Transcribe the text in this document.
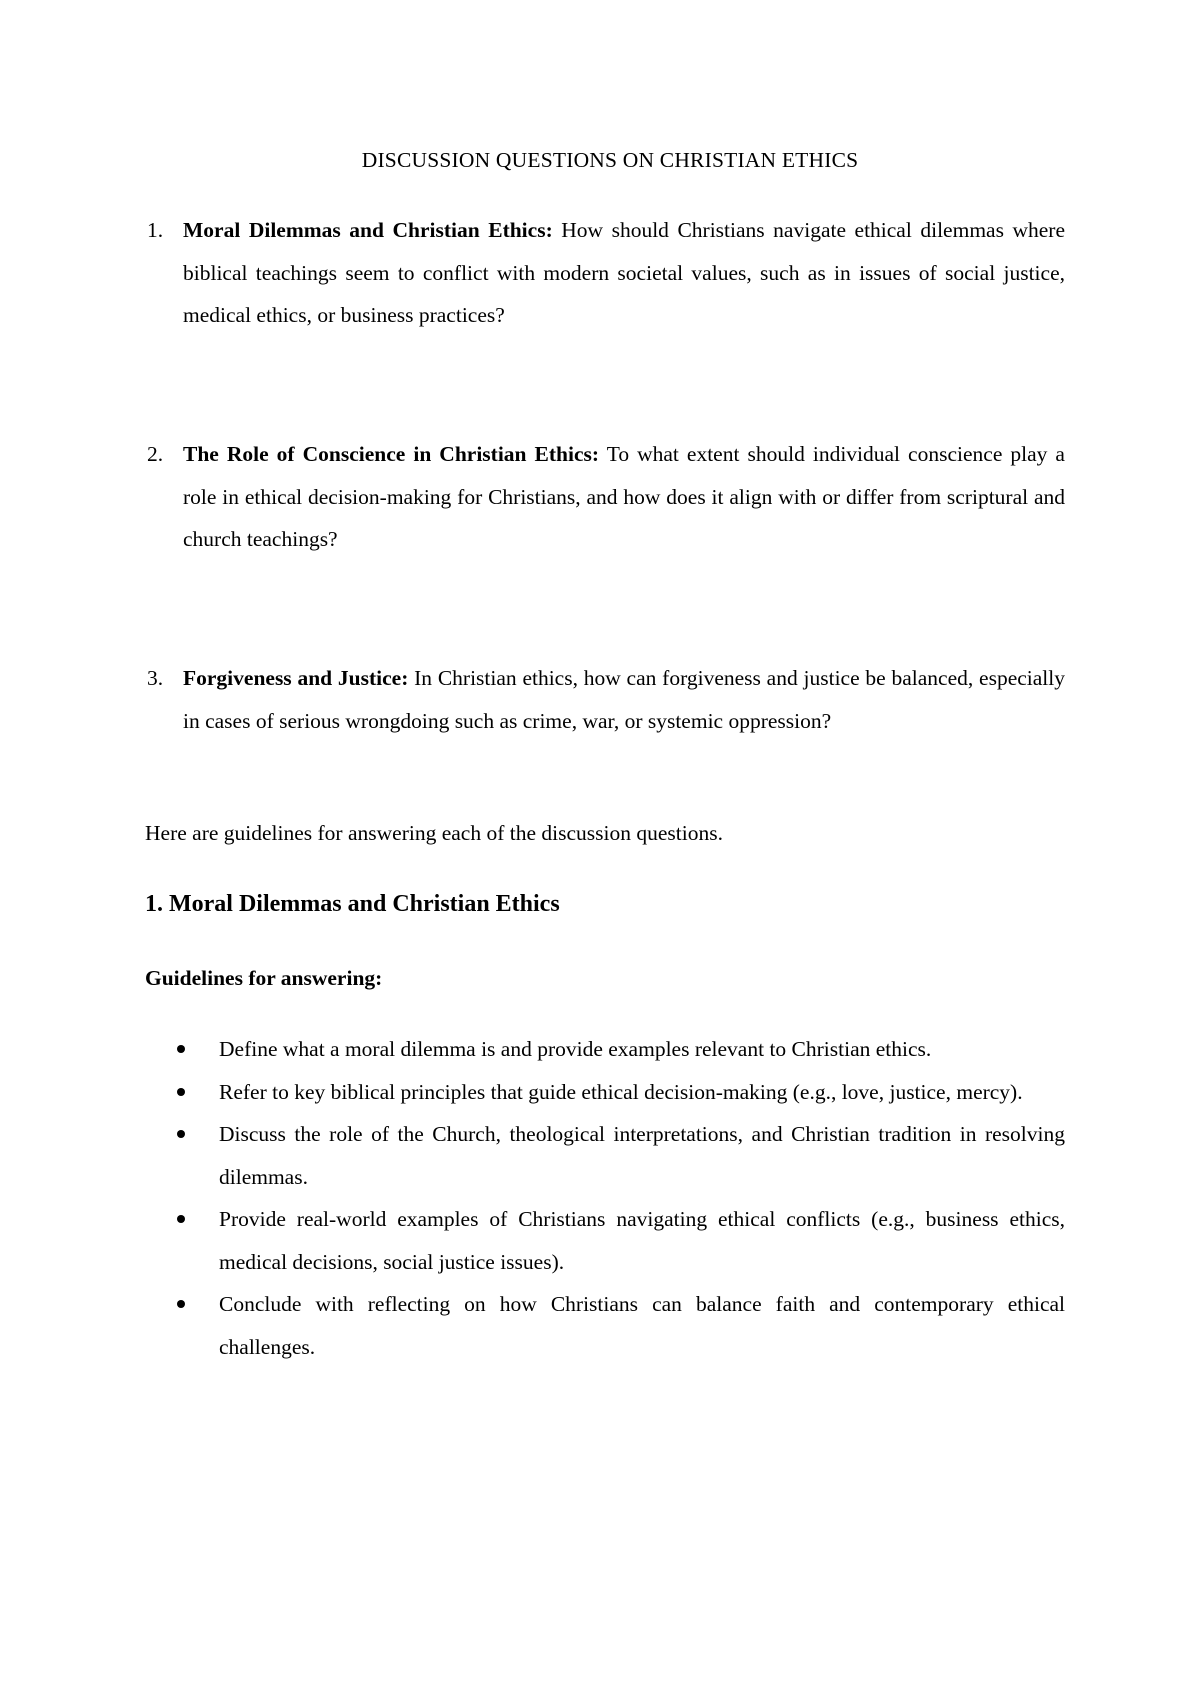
DISCUSSION QUESTIONS ON CHRISTIAN ETHICS
1. Moral Dilemmas and Christian Ethics: How should Christians navigate ethical dilemmas where biblical teachings seem to conflict with modern societal values, such as in issues of social justice, medical ethics, or business practices?
2. The Role of Conscience in Christian Ethics: To what extent should individual conscience play a role in ethical decision-making for Christians, and how does it align with or differ from scriptural and church teachings?
3. Forgiveness and Justice: In Christian ethics, how can forgiveness and justice be balanced, especially in cases of serious wrongdoing such as crime, war, or systemic oppression?

Here are guidelines for answering each of the discussion questions.

1. Moral Dilemmas and Christian Ethics

Guidelines for answering:

Define what a moral dilemma is and provide examples relevant to Christian ethics.
Refer to key biblical principles that guide ethical decision-making (e.g., love, justice, mercy).
Discuss the role of the Church, theological interpretations, and Christian tradition in resolving dilemmas.
Provide real-world examples of Christians navigating ethical conflicts (e.g., business ethics, medical decisions, social justice issues).
Conclude with reflecting on how Christians can balance faith and contemporary ethical challenges.
